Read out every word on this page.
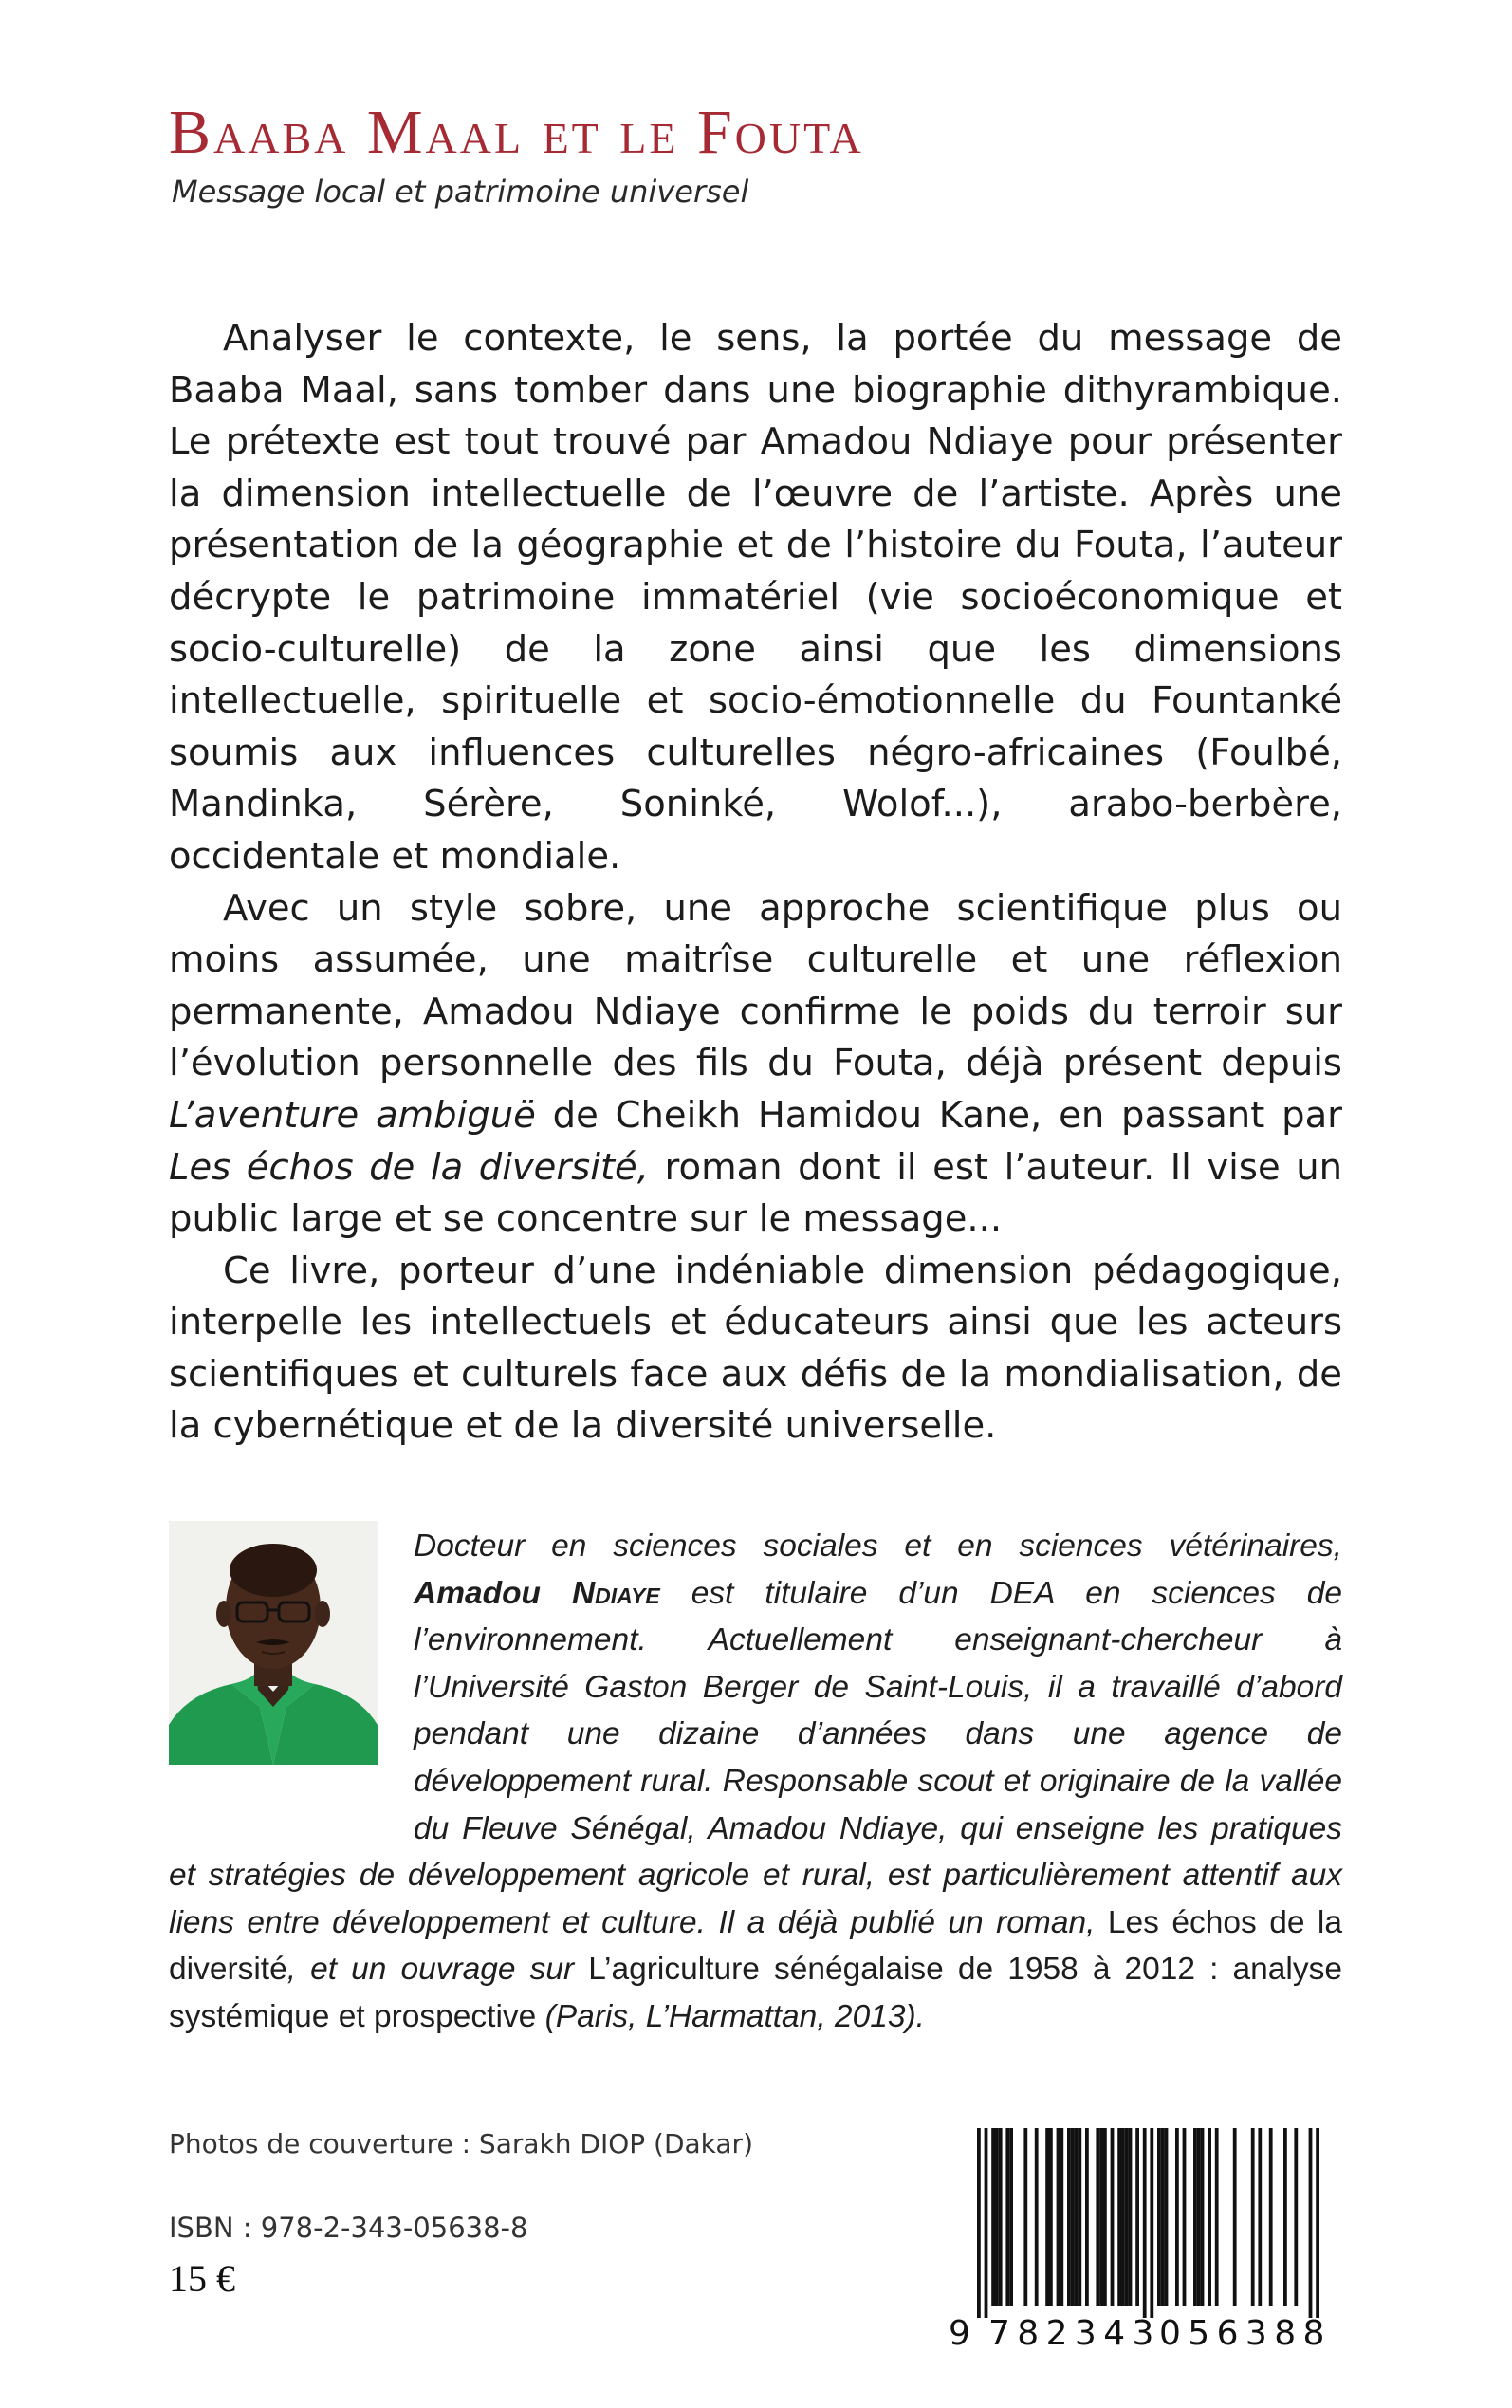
Baaba Maal et le Fouta

Message local et patrimoine universel

Analyser le contexte, le sens, la portée du message de Baaba Maal, sans tomber dans une biographie dithyrambique. Le prétexte est tout trouvé par Amadou Ndiaye pour présenter la dimension intellectuelle de l’œuvre de l’artiste. Après une présentation de la géographie et de l’histoire du Fouta, l’auteur décrypte le patrimoine immatériel (vie socioéconomique et socio-culturelle) de la zone ainsi que les dimensions intellectuelle, spirituelle et socio-émotionnelle du Fountanké soumis aux influences culturelles négro-africaines (Foulbé, Mandinka, Sérère, Soninké, Wolof...), arabo-berbère, occidentale et mondiale.

Avec un style sobre, une approche scientifique plus ou moins assumée, une maitrîse culturelle et une réflexion permanente, Amadou Ndiaye confirme le poids du terroir sur l’évolution personnelle des fils du Fouta, déjà présent depuis L’aventure ambiguë de Cheikh Hamidou Kane, en passant par Les échos de la diversité, roman dont il est l’auteur. Il vise un public large et se concentre sur le message...

Ce livre, porteur d’une indéniable dimension pédagogique, interpelle les intellectuels et éducateurs ainsi que les acteurs scientifiques et culturels face aux défis de la mondialisation, de la cybernétique et de la diversité universelle.

Docteur en sciences sociales et en sciences vétérinaires, Amadou Ndiaye est titulaire d’un DEA en sciences de l’environnement. Actuellement enseignant-chercheur à l’Université Gaston Berger de Saint-Louis, il a travaillé d’abord pendant une dizaine d’années dans une agence de développement rural. Responsable scout et originaire de la vallée du Fleuve Sénégal, Amadou Ndiaye, qui enseigne les pratiques et stratégies de développement agricole et rural, est particulièrement attentif aux liens entre développement et culture. Il a déjà publié un roman, Les échos de la diversité, et un ouvrage sur L’agriculture sénégalaise de 1958 à 2012 : analyse systémique et prospective (Paris, L’Harmattan, 2013).

Photos de couverture : Sarakh DIOP (Dakar)

ISBN : 978-2-343-05638-8

15 €

9 782343
056388
